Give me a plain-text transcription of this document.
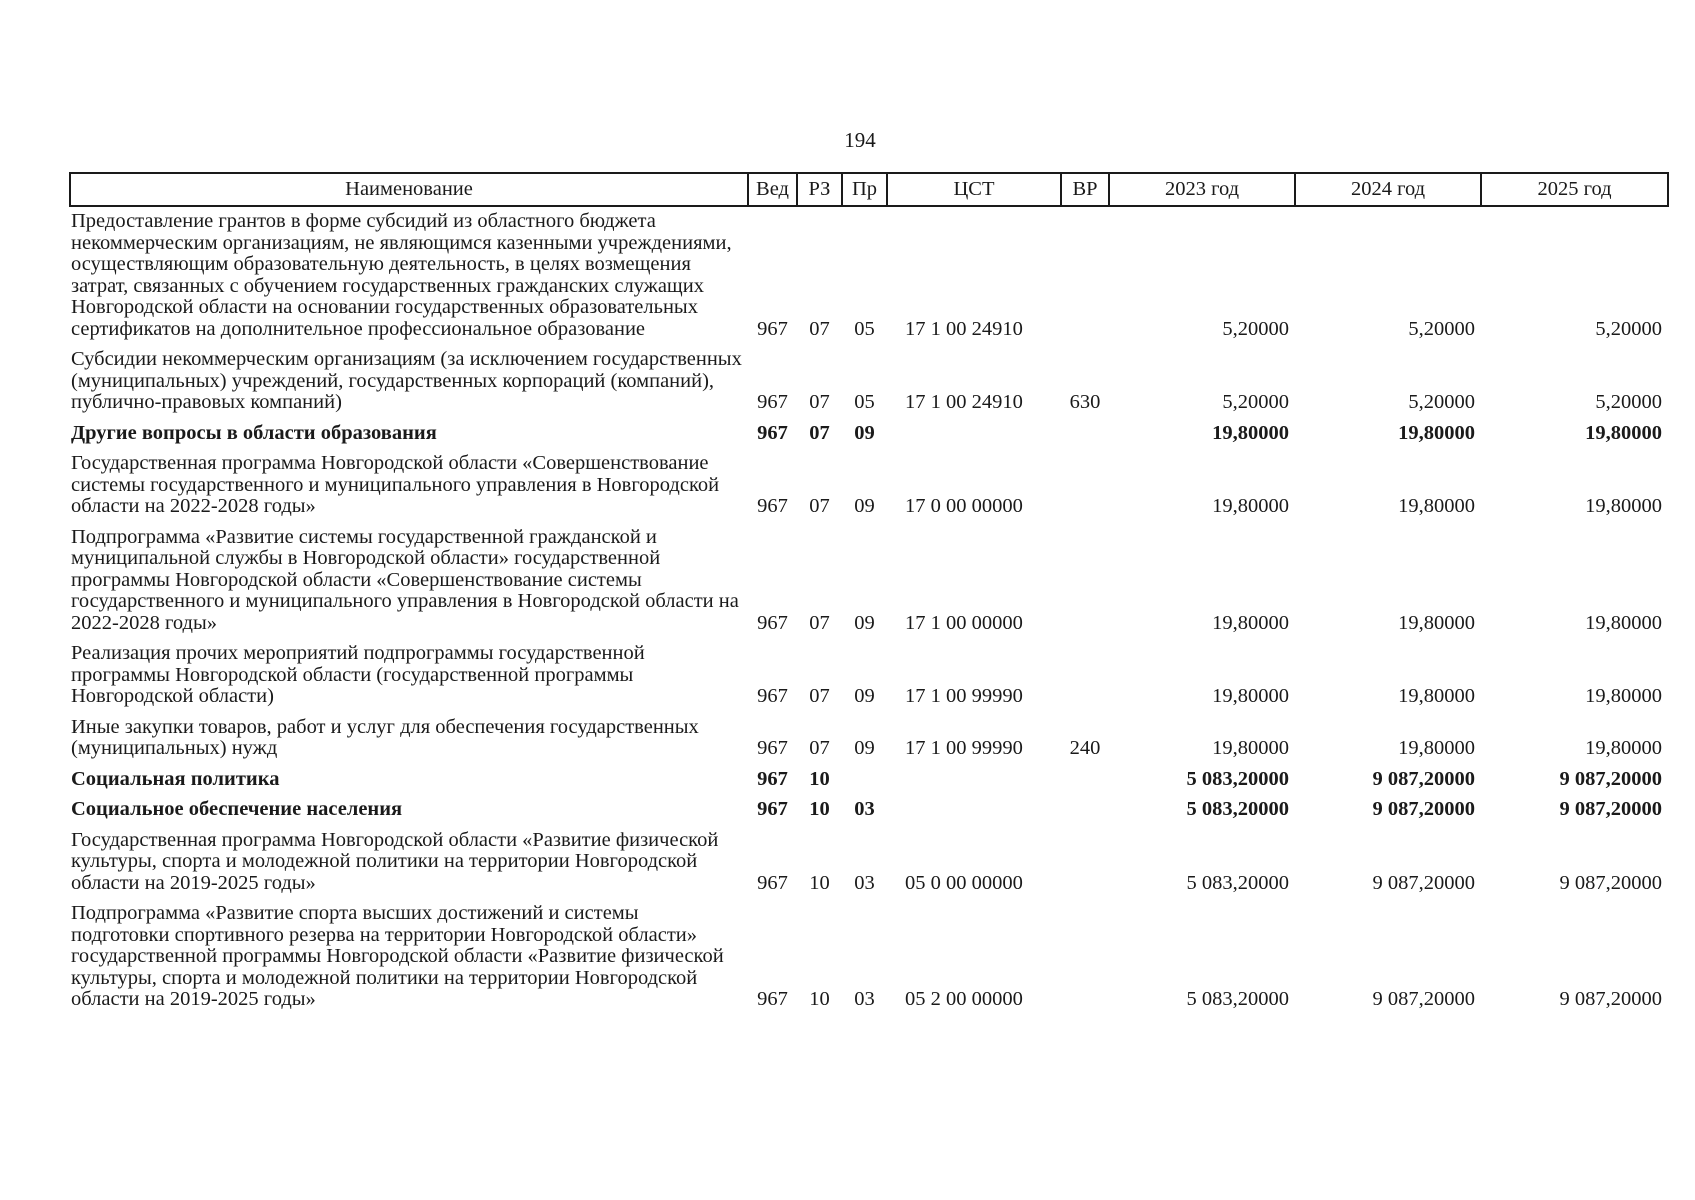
194
Наименование	Вед	РЗ	Пр	ЦСТ	ВР	2023 год	2024 год	2025 год
Предоставление грантов в форме субсидий из областного бюджета некоммерческим организациям, не являющимся казенными учреждениями, осуществляющим образовательную деятельность, в целях возмещения затрат, связанных с обучением государственных гражданских служащих Новгородской области на основании государственных образовательных сертификатов на дополнительное профессиональное образование	967	07	05	17 1 00 24910		5,20000	5,20000	5,20000
Субсидии некоммерческим организациям (за исключением государственных (муниципальных) учреждений, государственных корпораций (компаний), публично-правовых компаний)	967	07	05	17 1 00 24910	630	5,20000	5,20000	5,20000
Другие вопросы в области образования	967	07	09			19,80000	19,80000	19,80000
Государственная программа Новгородской области «Совершенствование системы государственного и муниципального управления в Новгородской области на 2022-2028 годы»	967	07	09	17 0 00 00000		19,80000	19,80000	19,80000
Подпрограмма «Развитие системы государственной гражданской и муниципальной службы в Новгородской области» государственной программы Новгородской области «Совершенствование системы государственного и муниципального управления в Новгородской области на 2022-2028 годы»	967	07	09	17 1 00 00000		19,80000	19,80000	19,80000
Реализация прочих мероприятий подпрограммы государственной программы Новгородской области (государственной программы Новгородской области)	967	07	09	17 1 00 99990		19,80000	19,80000	19,80000
Иные закупки товаров, работ и услуг для обеспечения государственных (муниципальных) нужд	967	07	09	17 1 00 99990	240	19,80000	19,80000	19,80000
Социальная политика	967	10				5 083,20000	9 087,20000	9 087,20000
Социальное обеспечение населения	967	10	03			5 083,20000	9 087,20000	9 087,20000
Государственная программа Новгородской области «Развитие физической культуры, спорта и молодежной политики на территории Новгородской области на 2019-2025 годы»	967	10	03	05 0 00 00000		5 083,20000	9 087,20000	9 087,20000
Подпрограмма «Развитие спорта высших достижений и системы подготовки спортивного резерва на территории Новгородской области» государственной программы Новгородской области «Развитие физической культуры, спорта и молодежной политики на территории Новгородской области на 2019-2025 годы»	967	10	03	05 2 00 00000		5 083,20000	9 087,20000	9 087,20000
